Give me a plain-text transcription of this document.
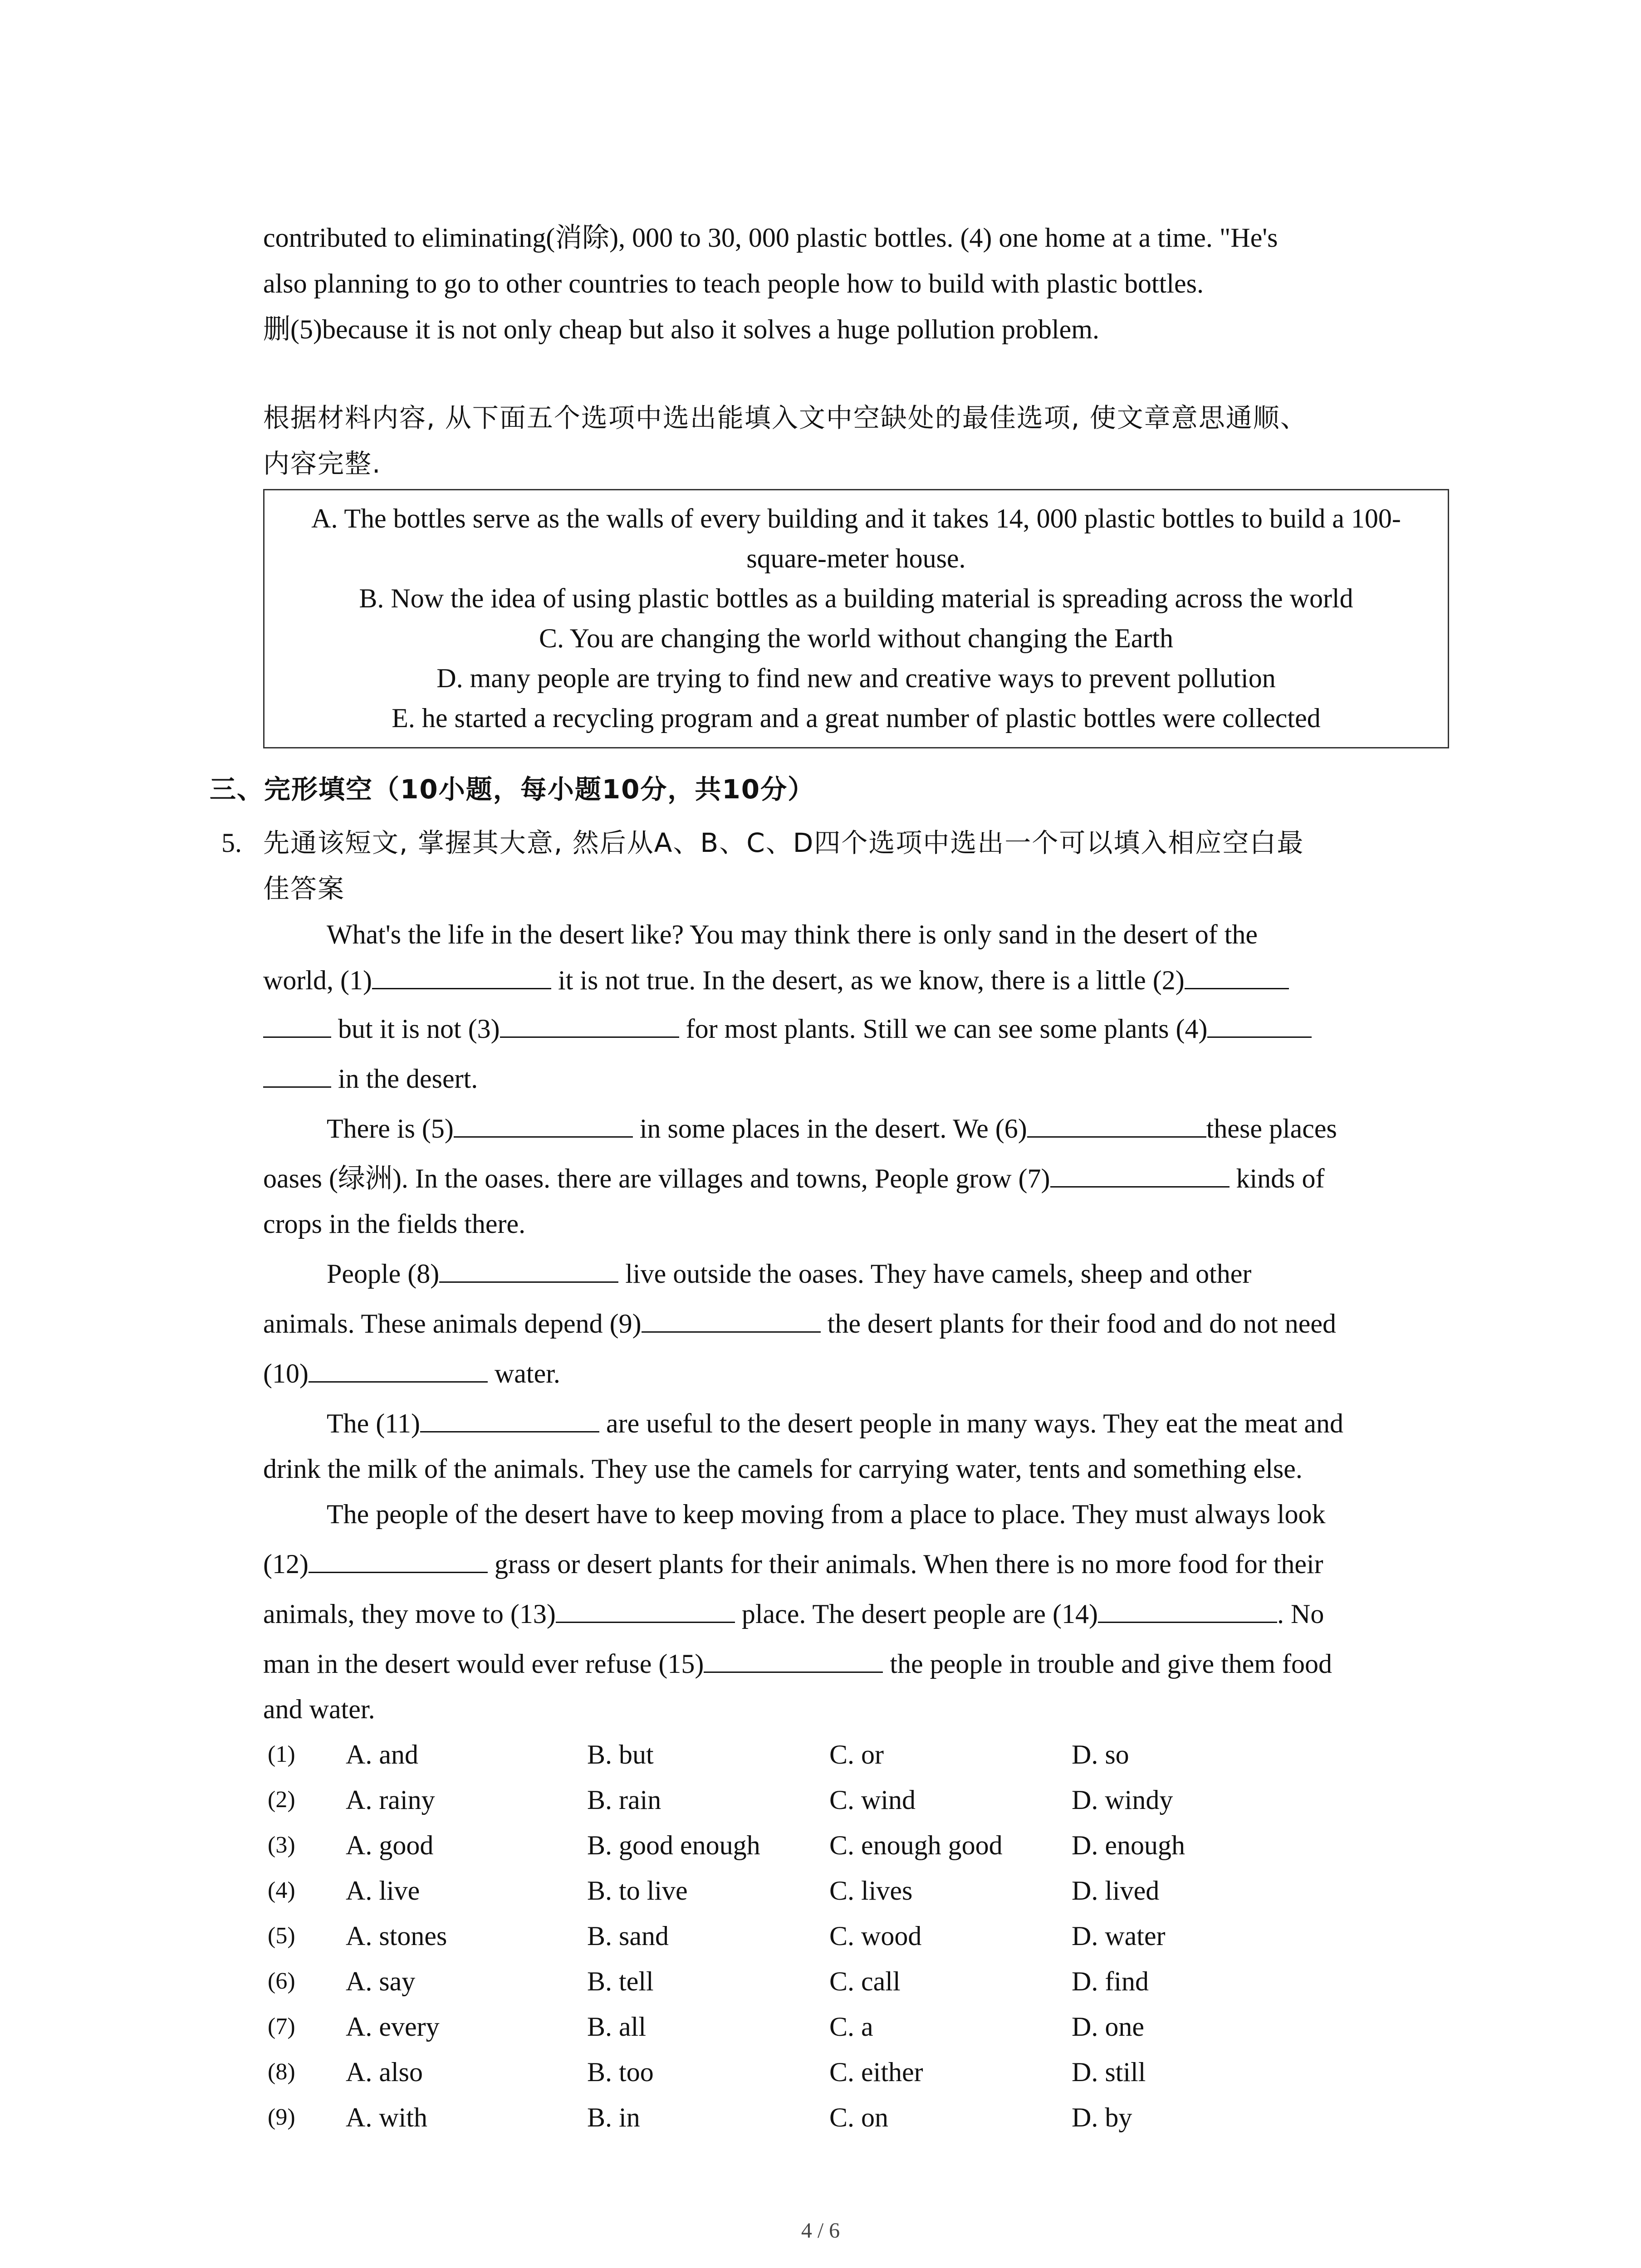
contributed to eliminating(消除), 000 to 30, 000 plastic bottles. (4) one home at a time. "He's

also planning to go to other countries to teach people how to build with plastic bottles.

删(5)because it is not only cheap but also it solves a huge pollution problem.

根据材料内容, 从下面五个选项中选出能填入文中空缺处的最佳选项, 使文章意思通顺、

内容完整.

A. The bottles serve as the walls of every building and it takes 14, 000 plastic bottles to build a 100-square-meter house.
B. Now the idea of using plastic bottles as a building material is spreading across the world
C. You are changing the world without changing the Earth
D. many people are trying to find new and creative ways to prevent pollution
E. he started a recycling program and a great number of plastic bottles were collected
三、完形填空（10小题，每小题10分，共10分）
5. 先通该短文, 掌握其大意, 然后从A、B、C、D四个选项中选出一个可以填入相应空白最

佳答案

What's the life in the desert like? You may think there is only sand in the desert of the

world, (1)	it is not true. In the desert, as we know, there is a little (2)

but it is not (3)	for most plants. Still we can see some plants (4)

in the desert.

There is (5)	in some places in the desert. We (6)	these places

oases (绿洲). In the oases. there are villages and towns, People grow (7)	kinds of

crops in the fields there.

People (8)	live outside the oases. They have camels, sheep and other

animals. These animals depend (9)	the desert plants for their food and do not need

(10)	water.

The (11)	are useful to the desert people in many ways. They eat the meat and

drink the milk of the animals. They use the camels for carrying water, tents and something else.

The people of the desert have to keep moving from a place to place. They must always look

(12)	grass or desert plants for their animals. When there is no more food for their

animals, they move to (13)	place. The desert people are (14)	. No

man in the desert would ever refuse (15)	the people in trouble and give them food

and water.

(1) A. and	B. but	C. or	D. so
(2) A. rainy	B. rain	C. wind	D. windy
(3) A. good	B. good enough	C. enough good	D. enough
(4) A. live	B. to live	C. lives	D. lived
(5) A. stones	B. sand	C. wood	D. water
(6) A. say	B. tell	C. call	D. find
(7) A. every	B. all	C. a	D. one
(8) A. also	B. too	C. either	D. still
(9) A. with	B. in	C. on	D. by
4 / 6
